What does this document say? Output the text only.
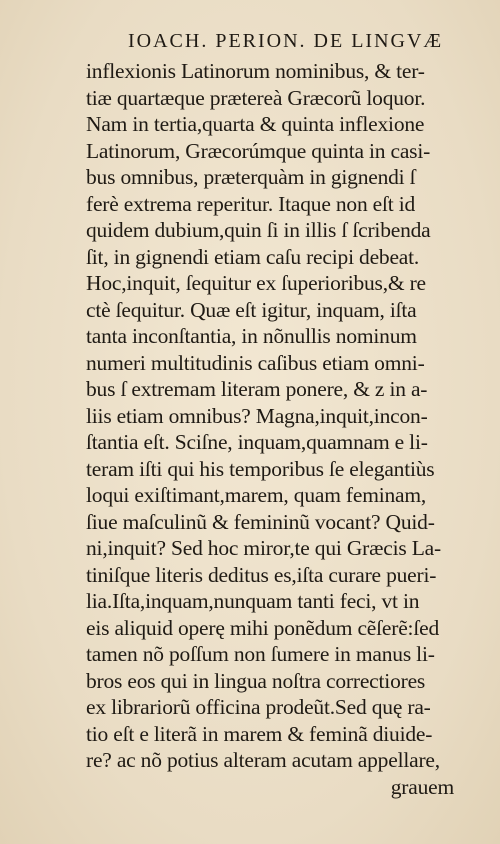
IOACH. PERION. DE LINGVÆ
inflexionis Latinorum nominibus, & ter-
tiæ quartæque prætereà Græcorũ loquor.
Nam in tertia,quarta & quinta inflexione
Latinorum, Græcorúmque quinta in casi-
bus omnibus, præterquàm in gignendi ſ
ferè extrema reperitur. Itaque non eſt id
quidem dubium,quin ſi in illis ſ ſcribenda
ſit, in gignendi etiam caſu recipi debeat.
Hoc,inquit, ſequitur ex ſuperioribus,& re
ctè ſequitur. Quæ eſt igitur, inquam, iſta
tanta inconſtantia, in nõnullis nominum
numeri multitudinis caſibus etiam omni-
bus ſ extremam literam ponere, & z in a-
liis etiam omnibus? Magna,inquit,incon-
ſtantia eſt. Sciſne, inquam,quamnam e li-
teram iſti qui his temporibus ſe elegantiùs
loqui exiſtimant,marem, quam feminam,
ſiue maſculinũ & femininũ vocant? Quid-
ni,inquit? Sed hoc miror,te qui Græcis La-
tiniſque literis deditus es,iſta curare pueri-
lia.Iſta,inquam,nunquam tanti feci, vt in
eis aliquid operę mihi ponẽdum cẽſerẽ:ſed
tamen nõ poſſum non ſumere in manus li-
bros eos qui in lingua noſtra correctiores
ex librariorũ officina prodeũt.Sed quę ra-
tio eſt e literã in marem & feminã diuide-
re? ac nõ potius alteram acutam appellare,
grauem
